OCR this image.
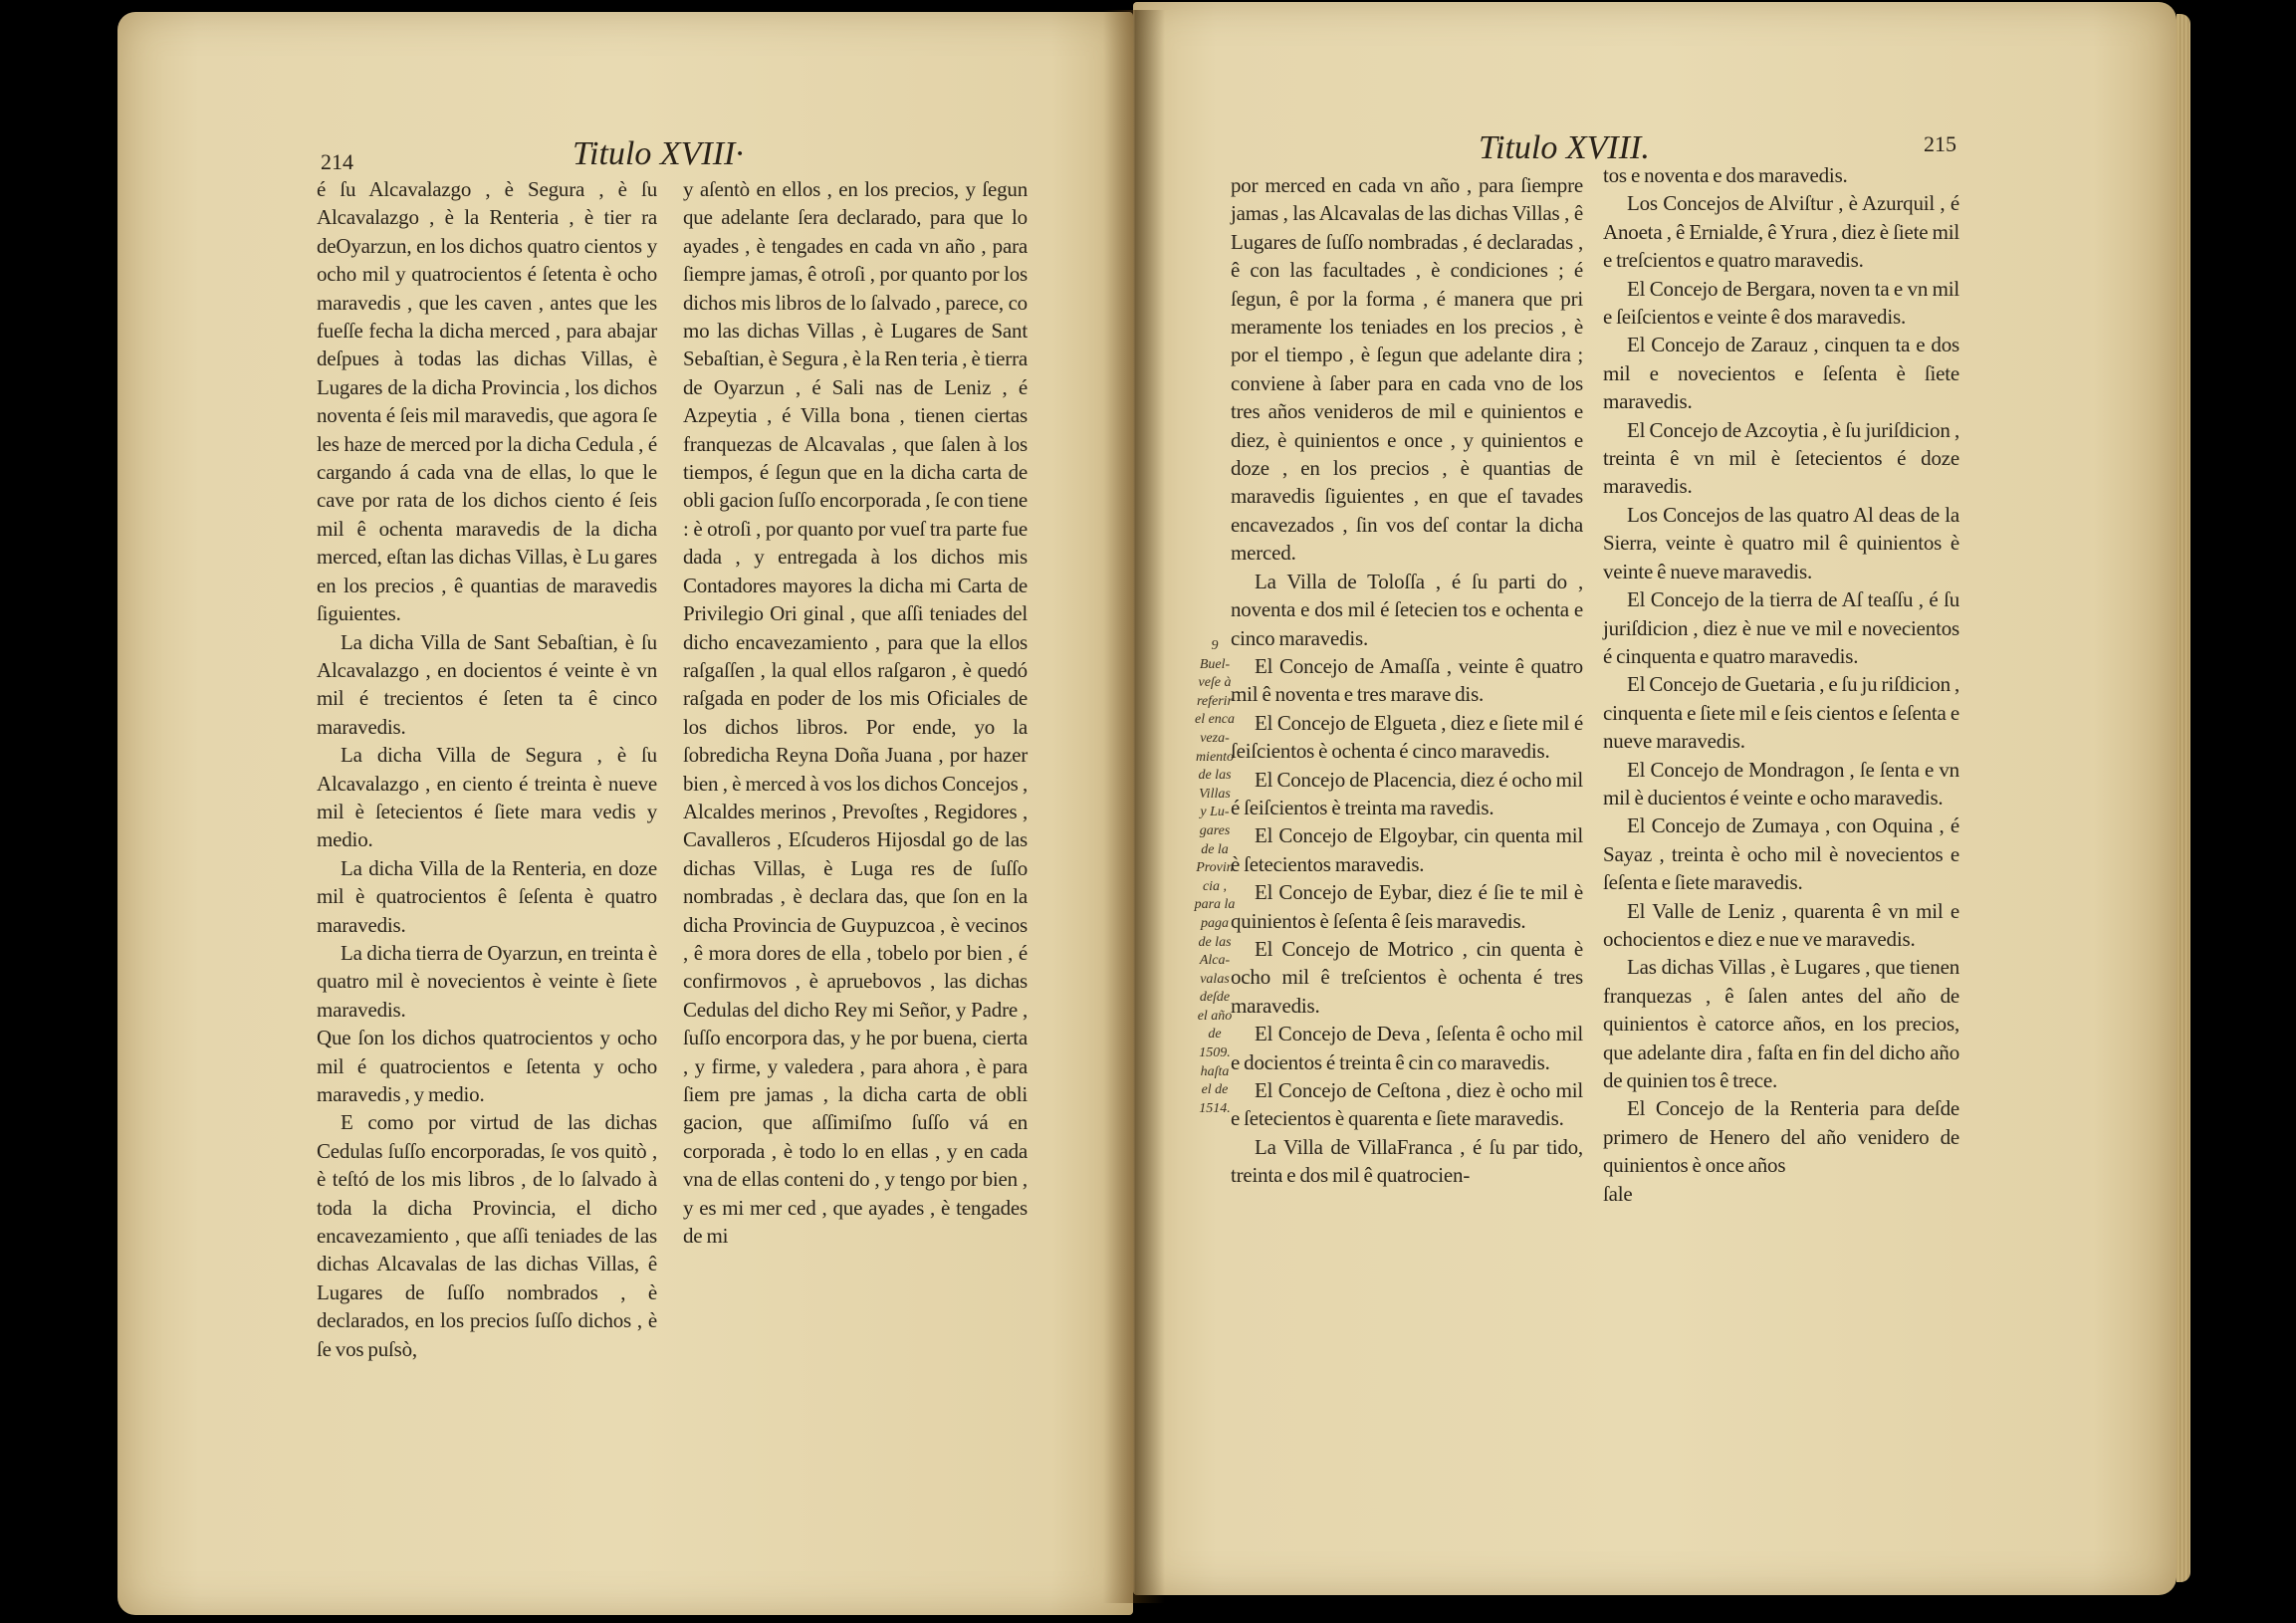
214	Titulo XVIII·

é ſu Alcavalazgo , è Segura , è ſu Alcavalazgo , è la Renteria , è tier ra deOyarzun, en los dichos quatro cientos y ocho mil y quatrocientos é ſetenta è ocho maravedis , que les caven , antes que les fueſſe fecha la dicha merced , para abajar deſpues à todas las dichas Villas, è Lugares de la dicha Provincia , los dichos noventa é ſeis mil maravedis, que agora ſe les haze de merced por la dicha Cedula , é cargando á cada vna de ellas, lo que le cave por rata de los dichos ciento é ſeis mil ê ochenta maravedis de la dicha merced, eſtan las dichas Villas, è Lu gares en los precios , ê quantias de maravedis ſiguientes.

La dicha Villa de Sant Sebaſtian, è ſu Alcavalazgo , en docientos é veinte è vn mil é trecientos é ſeten ta ê cinco maravedis.

La dicha Villa de Segura , è ſu Alcavalazgo , en ciento é treinta è nueve mil è ſetecientos é ſiete mara vedis y medio.

La dicha Villa de la Renteria, en doze mil è quatrocientos ê ſeſenta è quatro maravedis.

La dicha tierra de Oyarzun, en treinta è quatro mil è novecientos è veinte è ſiete maravedis.

Que ſon los dichos quatrocientos y ocho mil é quatrocientos e ſetenta y ocho maravedis , y medio.

E como por virtud de las dichas Cedulas ſuſſo encorporadas, ſe vos quitò , è teſtó de los mis libros , de lo ſalvado à toda la dicha Provincia, el dicho encavezamiento , que aſſi teniades de las dichas Alcavalas de las dichas Villas, ê Lugares de ſuſſo nombrados , è declarados, en los precios ſuſſo dichos , è ſe vos puſsò,

y aſentò en ellos , en los precios, y ſegun que adelante ſera declarado, para que lo ayades , è tengades en cada vn año , para ſiempre jamas, ê otroſi , por quanto por los dichos mis libros de lo ſalvado , parece, co mo las dichas Villas , è Lugares de Sant Sebaſtian, è Segura , è la Ren teria , è tierra de Oyarzun , é Sali nas de Leniz , é Azpeytia , é Villa bona , tienen ciertas franquezas de Alcavalas , que ſalen à los tiempos, é ſegun que en la dicha carta de obli gacion ſuſſo encorporada , ſe con tiene : è otroſi , por quanto por vueſ tra parte fue dada , y entregada à los dichos mis Contadores mayores la dicha mi Carta de Privilegio Ori ginal , que aſſi teniades del dicho encavezamiento , para que la ellos raſgaſſen , la qual ellos raſgaron , è quedó raſgada en poder de los mis Oficiales de los dichos libros. Por ende, yo la ſobredicha Reyna Doña Juana , por hazer bien , è merced à vos los dichos Concejos , Alcaldes merinos , Prevoſtes , Regidores , Cavalleros , Eſcuderos Hijosdal go de las dichas Villas, è Luga res de ſuſſo nombradas , è declara das, que ſon en la dicha Provincia de Guypuzcoa , è vecinos , ê mora dores de ella , tobelo por bien , é confirmovos , è apruebovos , las dichas Cedulas del dicho Rey mi Señor, y Padre , ſuſſo encorpora das, y he por buena, cierta , y firme, y valedera , para ahora , è para ſiem pre jamas , la dicha carta de obli gacion, que aſſimiſmo ſuſſo vá en corporada , è todo lo en ellas , y en cada vna de ellas conteni do , y tengo por bien , y es mi mer ced , que ayades , è tengades de mi

Titulo XVIII.	215
9
Buel-
veſe à
referir
el enca
veza-
miento
de las
Villas
y Lu-
gares
de la
Provin
cia ,
para la
paga
de las
Alca-
valas
deſde
el año
de
1509.
haſta
el de
1514.

por merced en cada vn año , para ſiempre jamas , las Alcavalas de las dichas Villas , ê Lugares de ſuſſo nombradas , é declaradas , ê con las facultades , è condiciones ; é ſegun, ê por la forma , é manera que pri meramente los teniades en los precios , è por el tiempo , è ſegun que adelante dira ; conviene à ſaber para en cada vno de los tres años venideros de mil e quinientos e diez, è quinientos e once , y quinientos e doze , en los precios , è quantias de maravedis ſiguientes , en que eſ tavades encavezados , ſin vos deſ contar la dicha merced.

La Villa de Toloſſa , é ſu parti do , noventa e dos mil é ſetecien tos e ochenta e cinco maravedis.

El Concejo de Amaſſa , veinte ê quatro mil ê noventa e tres marave dis.

El Concejo de Elgueta , diez e ſiete mil é ſeiſcientos è ochenta é cinco maravedis.

El Concejo de Placencia, diez é ocho mil é ſeiſcientos è treinta ma ravedis.

El Concejo de Elgoybar, cin quenta mil è ſetecientos maravedis.

El Concejo de Eybar, diez é ſie te mil è quinientos è ſeſenta ê ſeis maravedis.

El Concejo de Motrico , cin quenta è ocho mil ê treſcientos è ochenta é tres maravedis.

El Concejo de Deva , ſeſenta ê ocho mil e docientos é treinta ê cin co maravedis.

El Concejo de Ceſtona , diez è ocho mil e ſetecientos è quarenta e ſiete maravedis.

La Villa de VillaFranca , é ſu par tido, treinta e dos mil ê quatrocien-

tos e noventa e dos maravedis.

Los Concejos de Alviſtur , è Azurquil , é Anoeta , ê Ernialde, ê Yrura , diez è ſiete mil e treſcientos e quatro maravedis.

El Concejo de Bergara, noven ta e vn mil e ſeiſcientos e veinte ê dos maravedis.

El Concejo de Zarauz , cinquen ta e dos mil e novecientos e ſeſenta è ſiete maravedis.

El Concejo de Azcoytia , è ſu juriſdicion , treinta ê vn mil è ſetecientos é doze maravedis.

Los Concejos de las quatro Al deas de la Sierra, veinte è quatro mil ê quinientos è veinte ê nueve maravedis.

El Concejo de la tierra de Aſ teaſſu , é ſu juriſdicion , diez è nue ve mil e novecientos é cinquenta e quatro maravedis.

El Concejo de Guetaria , e ſu ju riſdicion , cinquenta e ſiete mil e ſeis cientos e ſeſenta e nueve maravedis.

El Concejo de Mondragon , ſe ſenta e vn mil è ducientos é veinte e ocho maravedis.

El Concejo de Zumaya , con Oquina , é Sayaz , treinta è ocho mil è novecientos e ſeſenta e ſiete maravedis.

El Valle de Leniz , quarenta ê vn mil e ochocientos e diez e nue ve maravedis.

Las dichas Villas , è Lugares , que tienen franquezas , ê ſalen antes del año de quinientos è catorce años, en los precios, que adelante dira , faſta en fin del dicho año de quinien tos ê trece.

El Concejo de la Renteria para deſde primero de Henero del año venidero de quinientos è once años

ſale
